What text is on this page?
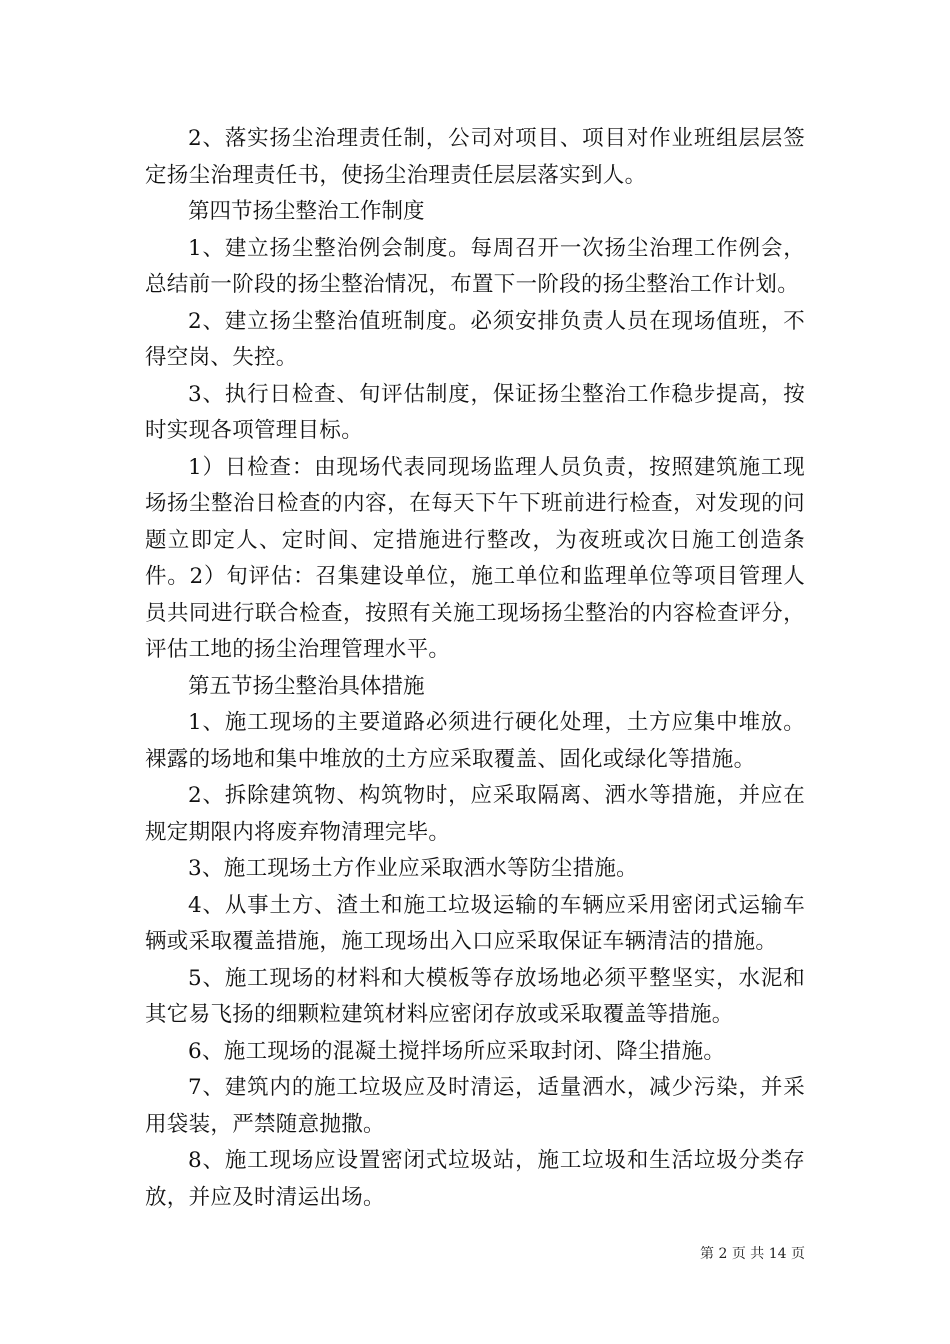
2、落实扬尘治理责任制，公司对项目、项目对作业班组层层签定扬尘治理责任书，使扬尘治理责任层层落实到人。

第四节扬尘整治工作制度

1、建立扬尘整治例会制度。每周召开一次扬尘治理工作例会，总结前一阶段的扬尘整治情况，布置下一阶段的扬尘整治工作计划。

2、建立扬尘整治值班制度。必须安排负责人员在现场值班，不得空岗、失控。

3、执行日检查、旬评估制度，保证扬尘整治工作稳步提高，按时实现各项管理目标。

1）日检查：由现场代表同现场监理人员负责，按照建筑施工现场扬尘整治日检查的内容，在每天下午下班前进行检查，对发现的问题立即定人、定时间、定措施进行整改，为夜班或次日施工创造条件。2）旬评估：召集建设单位，施工单位和监理单位等项目管理人员共同进行联合检查，按照有关施工现场扬尘整治的内容检查评分，评估工地的扬尘治理管理水平。

第五节扬尘整治具体措施

1、施工现场的主要道路必须进行硬化处理，土方应集中堆放。裸露的场地和集中堆放的土方应采取覆盖、固化或绿化等措施。

2、拆除建筑物、构筑物时，应采取隔离、洒水等措施，并应在规定期限内将废弃物清理完毕。

3、施工现场土方作业应采取洒水等防尘措施。

4、从事土方、渣土和施工垃圾运输的车辆应采用密闭式运输车辆或采取覆盖措施，施工现场出入口应采取保证车辆清洁的措施。

5、施工现场的材料和大模板等存放场地必须平整坚实，水泥和其它易飞扬的细颗粒建筑材料应密闭存放或采取覆盖等措施。

6、施工现场的混凝土搅拌场所应采取封闭、降尘措施。

7、建筑内的施工垃圾应及时清运，适量洒水，减少污染，并采用袋装，严禁随意抛撒。

8、施工现场应设置密闭式垃圾站，施工垃圾和生活垃圾分类存放，并应及时清运出场。

第 2 页 共 14 页
